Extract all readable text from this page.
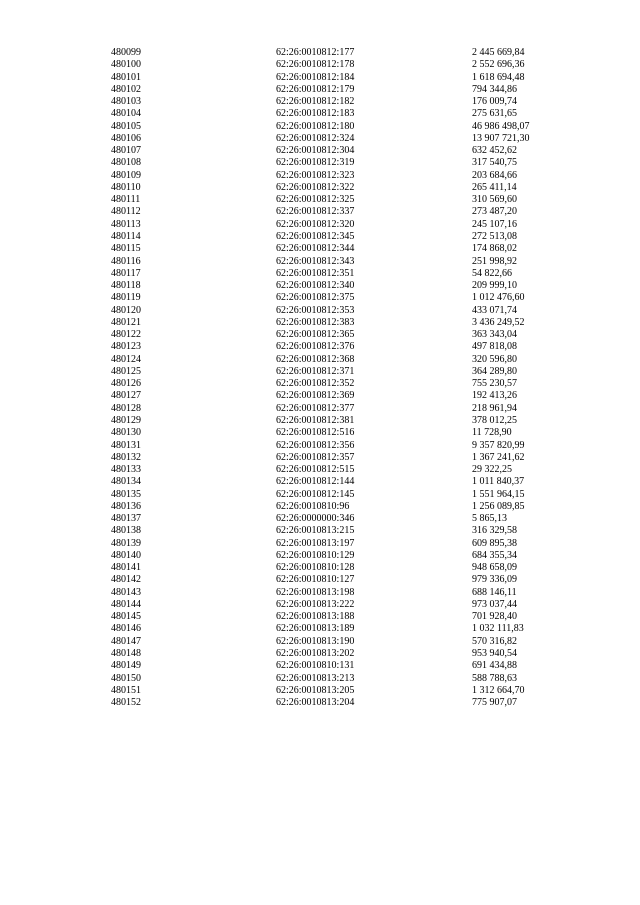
480099	62:26:0010812:177	2 445 669,84
480100	62:26:0010812:178	2 552 696,36
480101	62:26:0010812:184	1 618 694,48
480102	62:26:0010812:179	794 344,86
480103	62:26:0010812:182	176 009,74
480104	62:26:0010812:183	275 631,65
480105	62:26:0010812:180	46 986 498,07
480106	62:26:0010812:324	13 907 721,30
480107	62:26:0010812:304	632 452,62
480108	62:26:0010812:319	317 540,75
480109	62:26:0010812:323	203 684,66
480110	62:26:0010812:322	265 411,14
480111	62:26:0010812:325	310 569,60
480112	62:26:0010812:337	273 487,20
480113	62:26:0010812:320	245 107,16
480114	62:26:0010812:345	272 513,08
480115	62:26:0010812:344	174 868,02
480116	62:26:0010812:343	251 998,92
480117	62:26:0010812:351	54 822,66
480118	62:26:0010812:340	209 999,10
480119	62:26:0010812:375	1 012 476,60
480120	62:26:0010812:353	433 071,74
480121	62:26:0010812:383	3 436 249,52
480122	62:26:0010812:365	363 343,04
480123	62:26:0010812:376	497 818,08
480124	62:26:0010812:368	320 596,80
480125	62:26:0010812:371	364 289,80
480126	62:26:0010812:352	755 230,57
480127	62:26:0010812:369	192 413,26
480128	62:26:0010812:377	218 961,94
480129	62:26:0010812:381	378 012,25
480130	62:26:0010812:516	11 728,90
480131	62:26:0010812:356	9 357 820,99
480132	62:26:0010812:357	1 367 241,62
480133	62:26:0010812:515	29 322,25
480134	62:26:0010812:144	1 011 840,37
480135	62:26:0010812:145	1 551 964,15
480136	62:26:0010810:96	1 256 089,85
480137	62:26:0000000:346	5 865,13
480138	62:26:0010813:215	316 329,58
480139	62:26:0010813:197	609 895,38
480140	62:26:0010810:129	684 355,34
480141	62:26:0010810:128	948 658,09
480142	62:26:0010810:127	979 336,09
480143	62:26:0010813:198	688 146,11
480144	62:26:0010813:222	973 037,44
480145	62:26:0010813:188	701 928,40
480146	62:26:0010813:189	1 032 111,83
480147	62:26:0010813:190	570 316,82
480148	62:26:0010813:202	953 940,54
480149	62:26:0010810:131	691 434,88
480150	62:26:0010813:213	588 788,63
480151	62:26:0010813:205	1 312 664,70
480152	62:26:0010813:204	775 907,07
